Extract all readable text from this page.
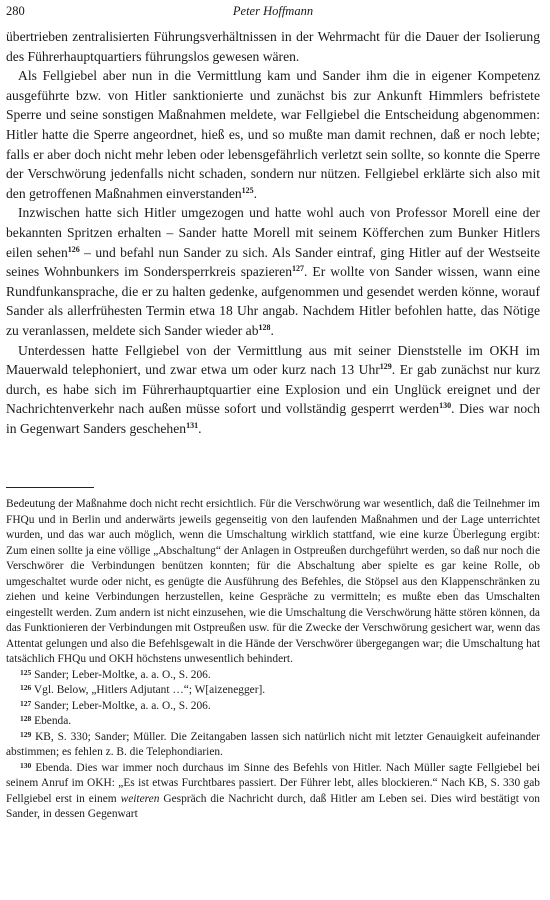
280	Peter Hoffmann

übertrieben zentralisierten Führungsverhältnissen in der Wehrmacht für die Dauer der Isolierung des Führerhauptquartiers führungslos gewesen wären.

Als Fellgiebel aber nun in die Vermittlung kam und Sander ihm die in eigener Kompetenz ausgeführte bzw. von Hitler sanktionierte und zunächst bis zur Ankunft Himmlers befristete Sperre und seine sonstigen Maßnahmen meldete, war Fellgiebel die Entscheidung abgenommen: Hitler hatte die Sperre angeordnet, hieß es, und so mußte man damit rechnen, daß er noch lebte; falls er aber doch nicht mehr leben oder lebensgefährlich verletzt sein sollte, so konnte die Sperre der Verschwörung jedenfalls nicht schaden, sondern nur nützen. Fellgiebel erklärte sich also mit den getroffenen Maßnahmen einverstanden$^{125}$.

Inzwischen hatte sich Hitler umgezogen und hatte wohl auch von Professor Morell eine der bekannten Spritzen erhalten – Sander hatte Morell mit seinem Köfferchen zum Bunker Hitlers eilen sehen$^{126}$ – und befahl nun Sander zu sich. Als Sander eintraf, ging Hitler auf der Westseite seines Wohnbunkers im Sondersperrkreis spazieren$^{127}$. Er wollte von Sander wissen, wann eine Rundfunkansprache, die er zu halten gedenke, aufgenommen und gesendet werden könne, worauf Sander als allerfrühesten Termin etwa 18 Uhr angab. Nachdem Hitler befohlen hatte, das Nötige zu veranlassen, meldete sich Sander wieder $ab^{128}$.

Unterdessen hatte Fellgiebel von der Vermittlung aus mit seiner Dienststelle im OKH im Mauerwald telephoniert, und zwar etwa um oder kurz nach 13 Uhr$^{129}$. Er gab zunächst nur kurz durch, es habe sich im Führerhauptquartier eine Explosion und ein Unglück ereignet und der Nachrichtenverkehr nach außen müsse sofort und vollständig gesperrt werden$^{130}$. Dies war noch in Gegenwart Sanders geschehen$^{131}$.

Bedeutung der Maßnahme doch nicht recht ersichtlich. Für die Verschwörung war wesentlich, daß die Teilnehmer im FHQu und in Berlin und anderwärts jeweils gegenseitig von den laufenden Maßnahmen und der Lage unterrichtet wurden, und das war auch möglich, wenn die Umschaltung wirklich stattfand, wie eine kurze Überlegung ergibt: Zum einen sollte ja eine völlige „Abschaltung“ der Anlagen in Ostpreußen durchgeführt werden, so daß nur noch die Verschwörer die Verbindungen benützen konnten; für die Abschaltung aber spielte es gar keine Rolle, ob umgeschaltet wurde oder nicht, es genügte die Ausführung des Befehles, die Stöpsel aus den Klappenschränken zu ziehen und keine Verbindungen herzustellen, keine Gespräche zu vermitteln; es mußte eben das Umschalten eingestellt werden. Zum andern ist nicht einzusehen, wie die Umschaltung die Verschwörung hätte stören können, da das Funktionieren der Verbindungen mit Ostpreußen usw. für die Zwecke der Verschwörung gesichert war, wenn das Attentat gelungen und also die Befehlsgewalt in die Hände der Verschwörer übergegangen war; die Umschaltung hat tatsächlich FHQu und OKH höchstens unwesentlich behindert.

$^{125}$ Sander; Leber-Moltke, a. a. O., S. 206.

$^{126}$ Vgl. Below, „Hitlers Adjutant …“; W[aizenegger].

$^{127}$ Sander; Leber-Moltke, a. a. O., S. 206.

$^{128}$ Ebenda.

$^{129}$ KB, S. 330; Sander; Müller. Die Zeitangaben lassen sich natürlich nicht mit letzter Genauigkeit aufeinander abstimmen; es fehlen z. B. die Telephondiarien.

$^{130}$ Ebenda. Dies war immer noch durchaus im Sinne des Befehls von Hitler. Nach Müller sagte Fellgiebel bei seinem Anruf im OKH: „Es ist etwas Furchtbares passiert. Der Führer lebt, alles blockieren.“ Nach KB, S. 330 gab Fellgiebel erst in einem weiteren Gespräch die Nachricht durch, daß Hitler am Leben sei. Dies wird bestätigt von Sander, in dessen Gegenwart
